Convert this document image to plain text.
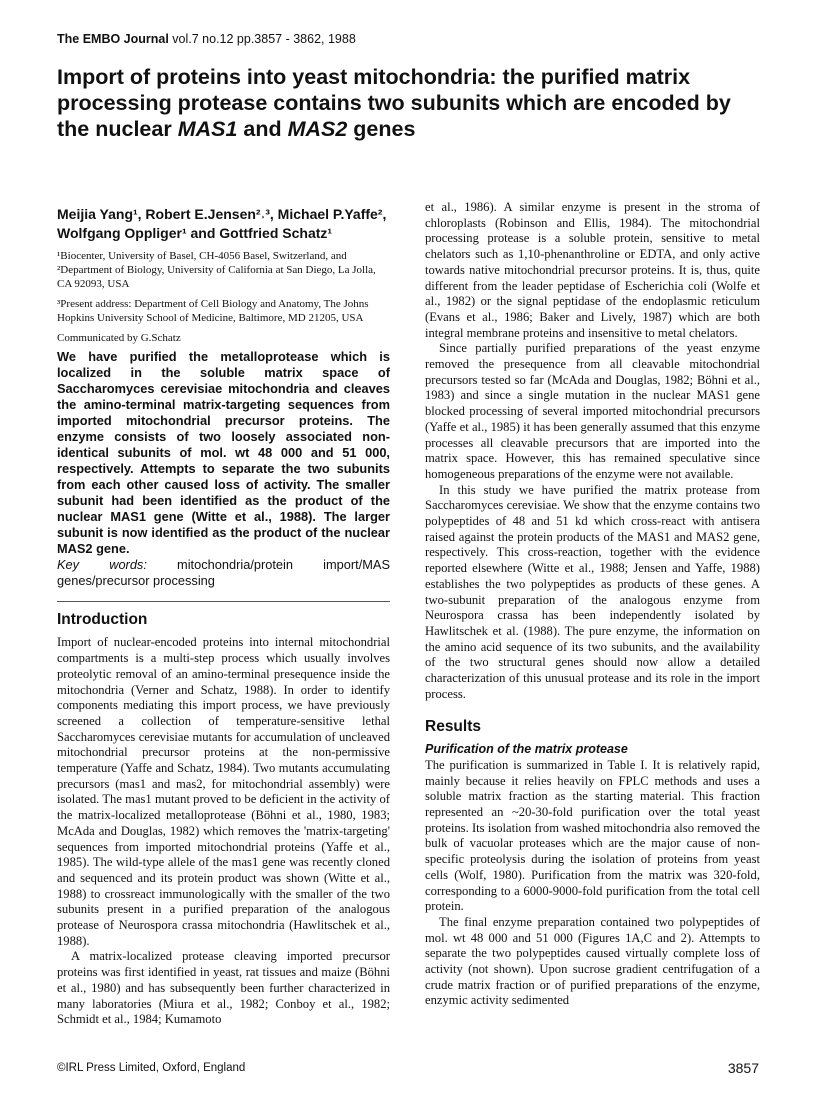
The EMBO Journal vol.7 no.12 pp.3857 - 3862, 1988
Import of proteins into yeast mitochondria: the purified matrix processing protease contains two subunits which are encoded by the nuclear MAS1 and MAS2 genes
Meijia Yang¹, Robert E.Jensen²˒³, Michael P.Yaffe², Wolfgang Oppliger¹ and Gottfried Schatz¹

¹Biocenter, University of Basel, CH-4056 Basel, Switzerland, and ²Department of Biology, University of California at San Diego, La Jolla, CA 92093, USA

³Present address: Department of Cell Biology and Anatomy, The Johns Hopkins University School of Medicine, Baltimore, MD 21205, USA

Communicated by G.Schatz
We have purified the metalloprotease which is localized in the soluble matrix space of Saccharomyces cerevisiae mitochondria and cleaves the amino-terminal matrix-targeting sequences from imported mitochondrial precursor proteins. The enzyme consists of two loosely associated non-identical subunits of mol. wt 48 000 and 51 000, respectively. Attempts to separate the two subunits from each other caused loss of activity. The smaller subunit had been identified as the product of the nuclear MAS1 gene (Witte et al., 1988). The larger subunit is now identified as the product of the nuclear MAS2 gene.
Key words: mitochondria/protein import/MAS genes/precursor processing
Introduction

Import of nuclear-encoded proteins into internal mitochondrial compartments is a multi-step process which usually involves proteolytic removal of an amino-terminal presequence inside the mitochondria (Verner and Schatz, 1988). In order to identify components mediating this import process, we have previously screened a collection of temperature-sensitive lethal Saccharomyces cerevisiae mutants for accumulation of uncleaved mitochondrial precursor proteins at the non-permissive temperature (Yaffe and Schatz, 1984). Two mutants accumulating precursors (mas1 and mas2, for mitochondrial assembly) were isolated. The mas1 mutant proved to be deficient in the activity of the matrix-localized metalloprotease (Böhni et al., 1980, 1983; McAda and Douglas, 1982) which removes the 'matrix-targeting' sequences from imported mitochondrial proteins (Yaffe et al., 1985). The wild-type allele of the mas1 gene was recently cloned and sequenced and its protein product was shown (Witte et al., 1988) to crossreact immunologically with the smaller of the two subunits present in a purified preparation of the analogous protease of Neurospora crassa mitochondria (Hawlitschek et al., 1988).

A matrix-localized protease cleaving imported precursor proteins was first identified in yeast, rat tissues and maize (Böhni et al., 1980) and has subsequently been further characterized in many laboratories (Miura et al., 1982; Conboy et al., 1982; Schmidt et al., 1984; Kumamoto

et al., 1986). A similar enzyme is present in the stroma of chloroplasts (Robinson and Ellis, 1984). The mitochondrial processing protease is a soluble protein, sensitive to metal chelators such as 1,10-phenanthroline or EDTA, and only active towards native mitochondrial precursor proteins. It is, thus, quite different from the leader peptidase of Escherichia coli (Wolfe et al., 1982) or the signal peptidase of the endoplasmic reticulum (Evans et al., 1986; Baker and Lively, 1987) which are both integral membrane proteins and insensitive to metal chelators.

Since partially purified preparations of the yeast enzyme removed the presequence from all cleavable mitochondrial precursors tested so far (McAda and Douglas, 1982; Böhni et al., 1983) and since a single mutation in the nuclear MAS1 gene blocked processing of several imported mitochondrial precursors (Yaffe et al., 1985) it has been generally assumed that this enzyme processes all cleavable precursors that are imported into the matrix space. However, this has remained speculative since homogeneous preparations of the enzyme were not available.

In this study we have purified the matrix protease from Saccharomyces cerevisiae. We show that the enzyme contains two polypeptides of 48 and 51 kd which cross-react with antisera raised against the protein products of the MAS1 and MAS2 gene, respectively. This cross-reaction, together with the evidence reported elsewhere (Witte et al., 1988; Jensen and Yaffe, 1988) establishes the two polypeptides as products of these genes. A two-subunit preparation of the analogous enzyme from Neurospora crassa has been independently isolated by Hawlitschek et al. (1988). The pure enzyme, the information on the amino acid sequence of its two subunits, and the availability of the two structural genes should now allow a detailed characterization of this unusual protease and its role in the import process.

Results
Purification of the matrix protease

The purification is summarized in Table I. It is relatively rapid, mainly because it relies heavily on FPLC methods and uses a soluble matrix fraction as the starting material. This fraction represented an ~20-30-fold purification over the total yeast proteins. Its isolation from washed mitochondria also removed the bulk of vacuolar proteases which are the major cause of non-specific proteolysis during the isolation of proteins from yeast cells (Wolf, 1980). Purification from the matrix was 320-fold, corresponding to a 6000-9000-fold purification from the total cell protein.

The final enzyme preparation contained two polypeptides of mol. wt 48 000 and 51 000 (Figures 1A,C and 2). Attempts to separate the two polypeptides caused virtually complete loss of activity (not shown). Upon sucrose gradient centrifugation of a crude matrix fraction or of purified preparations of the enzyme, enzymic activity sedimented

©IRL Press Limited, Oxford, England	3857
